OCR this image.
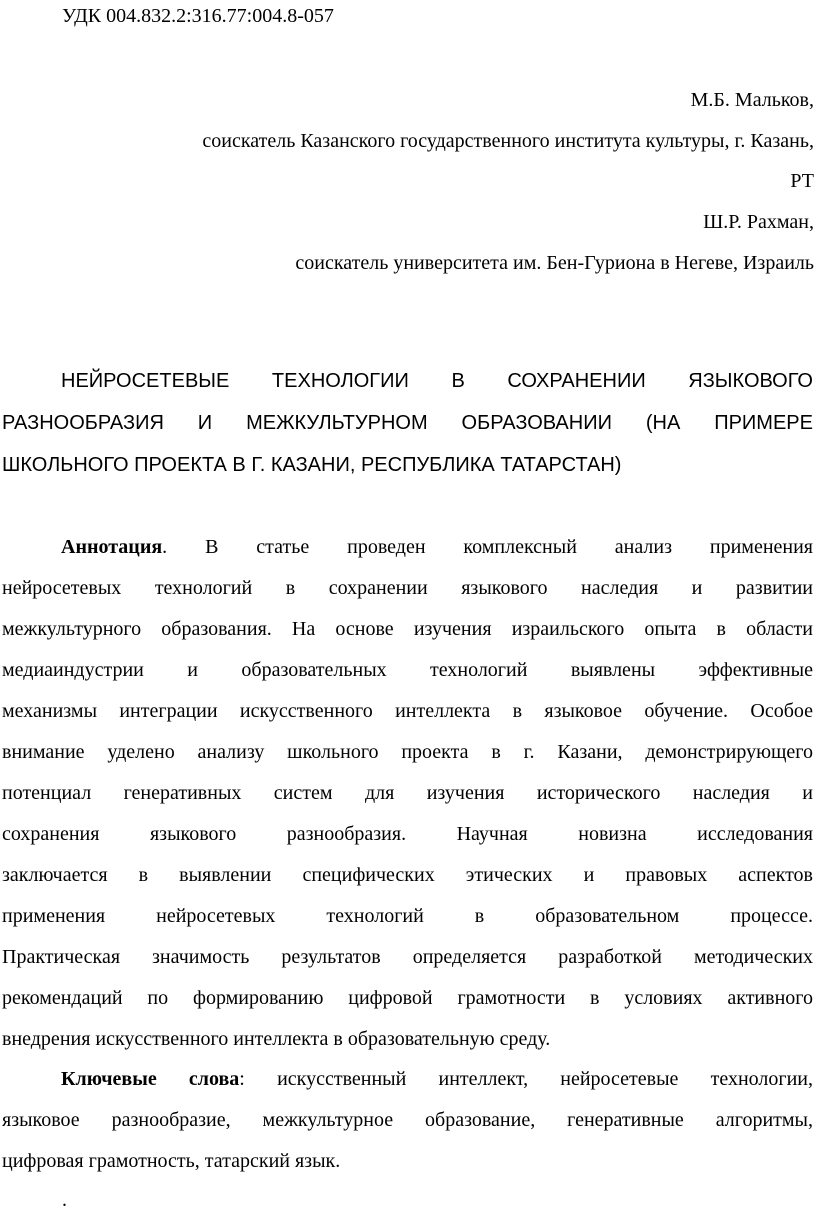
УДК 004.832.2:316.77:004.8-057
М.Б. Мальков,
соискатель Казанского государственного института культуры, г. Казань,
РТ
Ш.Р. Рахман,
соискатель университета им. Бен-Гуриона в Негеве, Израиль
НЕЙРОСЕТЕВЫЕ ТЕХНОЛОГИИ В СОХРАНЕНИИ ЯЗЫКОВОГО
РАЗНООБРАЗИЯ И МЕЖКУЛЬТУРНОМ ОБРАЗОВАНИИ (НА ПРИМЕРЕ
ШКОЛЬНОГО ПРОЕКТА В Г. КАЗАНИ, РЕСПУБЛИКА ТАТАРСТАН)
Аннотация. В статье проведен комплексный анализ применения
нейросетевых технологий в сохранении языкового наследия и развитии
межкультурного образования. На основе изучения израильского опыта в области
медиаиндустрии и образовательных технологий выявлены эффективные
механизмы интеграции искусственного интеллекта в языковое обучение. Особое
внимание уделено анализу школьного проекта в г. Казани, демонстрирующего
потенциал генеративных систем для изучения исторического наследия и
сохранения языкового разнообразия. Научная новизна исследования
заключается в выявлении специфических этических и правовых аспектов
применения нейросетевых технологий в образовательном процессе.
Практическая значимость результатов определяется разработкой методических
рекомендаций по формированию цифровой грамотности в условиях активного
внедрения искусственного интеллекта в образовательную среду.
Ключевые слова: искусственный интеллект, нейросетевые технологии,
языковое разнообразие, межкультурное образование, генеративные алгоритмы,
цифровая грамотность, татарский язык.
.
